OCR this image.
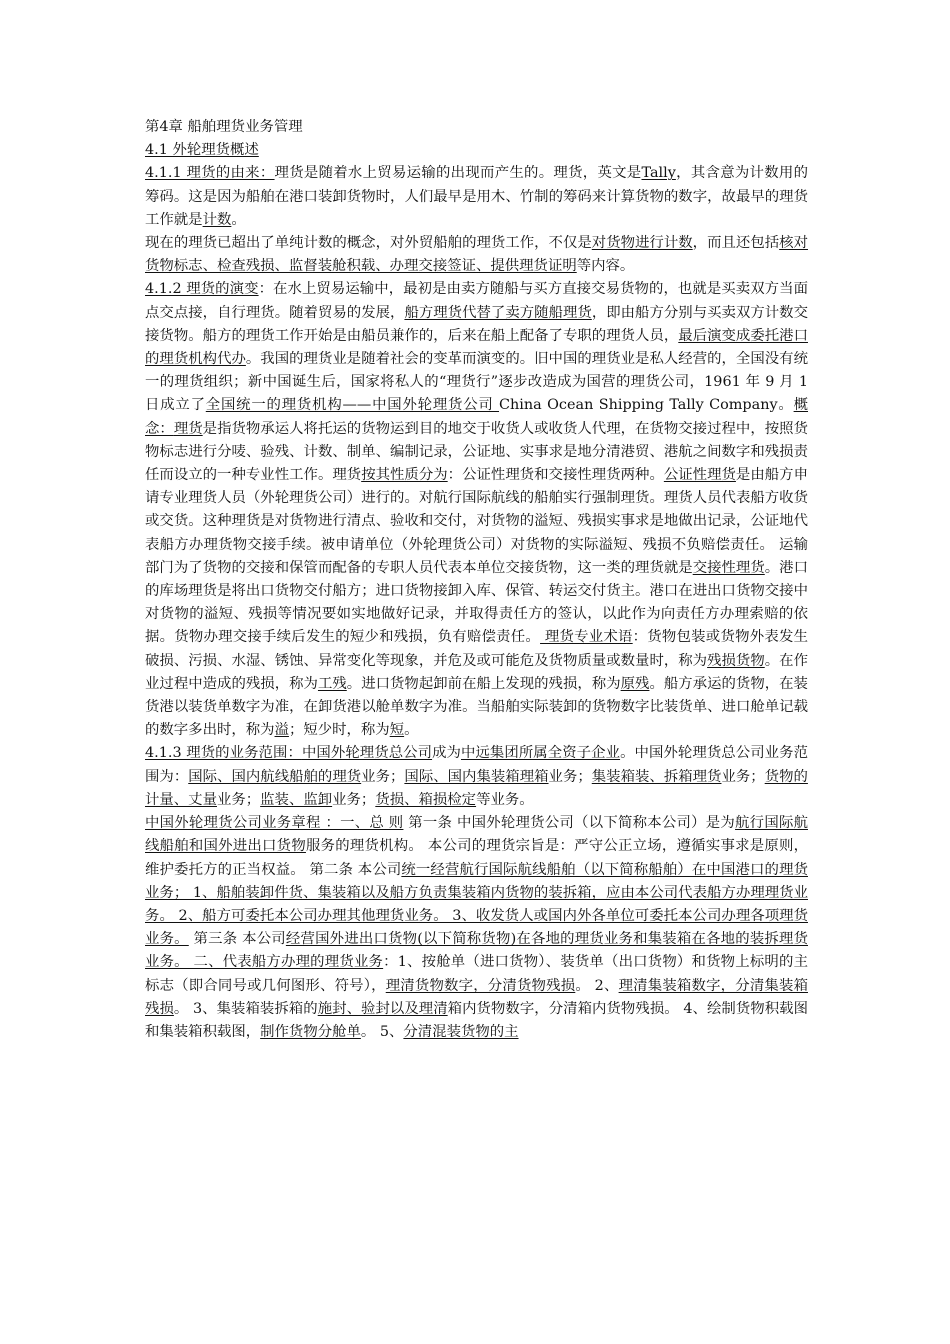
第4章 船舶理货业务管理

4.1 外轮理货概述

4.1.1 理货的由来：理货是随着水上贸易运输的出现而产生的。理货，英文是Tally，其含意为计数用的筹码。这是因为船舶在港口装卸货物时，人们最早是用木、竹制的筹码来计算货物的数字，故最早的理货工作就是计数。

现在的理货已超出了单纯计数的概念，对外贸船舶的理货工作，不仅是对货物进行计数，而且还包括核对货物标志、检查残损、监督装舱积载、办理交接签证、提供理货证明等内容。

4.1.2 理货的演变：在水上贸易运输中，最初是由卖方随船与买方直接交易货物的，也就是买卖双方当面点交点接，自行理货。随着贸易的发展，船方理货代替了卖方随船理货，即由船方分别与买卖双方计数交接货物。船方的理货工作开始是由船员兼作的，后来在船上配备了专职的理货人员，最后演变成委托港口的理货机构代办。我国的理货业是随着社会的变革而演变的。旧中国的理货业是私人经营的，全国没有统一的理货组织；新中国诞生后，国家将私人的“理货行”逐步改造成为国营的理货公司，1961 年 9 月 1 日成立了全国统一的理货机构——中国外轮理货公司 China Ocean Shipping Tally Company。概念：理货是指货物承运人将托运的货物运到目的地交于收货人或收货人代理，在货物交接过程中，按照货物标志进行分唛、验残、计数、制单、编制记录，公证地、实事求是地分清港贸、港航之间数字和残损责任而设立的一种专业性工作。理货按其性质分为：公证性理货和交接性理货两种。公证性理货是由船方申请专业理货人员（外轮理货公司）进行的。对航行国际航线的船舶实行强制理货。理货人员代表船方收货或交货。这种理货是对货物进行清点、验收和交付，对货物的溢短、残损实事求是地做出记录，公证地代表船方办理货物交接手续。被申请单位（外轮理货公司）对货物的实际溢短、残损不负赔偿责任。 运输部门为了货物的交接和保管而配备的专职人员代表本单位交接货物，这一类的理货就是交接性理货。港口的库场理货是将出口货物交付船方；进口货物接卸入库、保管、转运交付货主。港口在进出口货物交接中对货物的溢短、残损等情况要如实地做好记录，并取得责任方的签认，以此作为向责任方办理索赔的依据。货物办理交接手续后发生的短少和残损，负有赔偿责任。 理货专业术语：货物包装或货物外表发生破损、污损、水湿、锈蚀、异常变化等现象，并危及或可能危及货物质量或数量时，称为残损货物。在作业过程中造成的残损，称为工残。进口货物起卸前在船上发现的残损，称为原残。船方承运的货物，在装货港以装货单数字为准，在卸货港以舱单数字为准。当船舶实际装卸的货物数字比装货单、进口舱单记载的数字多出时，称为溢；短少时，称为短。

4.1.3 理货的业务范围：中国外轮理货总公司成为中远集团所属全资子企业。中国外轮理货总公司业务范围为：国际、国内航线船舶的理货业务；国际、国内集装箱理箱业务；集装箱装、拆箱理货业务；货物的计量、丈量业务；监装、监卸业务；货损、箱损检定等业务。

中国外轮理货公司业务章程 ：一、总 则 第一条 中国外轮理货公司（以下简称本公司）是为航行国际航线船舶和国外进出口货物服务的理货机构。 本公司的理货宗旨是：严守公正立场，遵循实事求是原则，维护委托方的正当权益。 第二条 本公司统一经营航行国际航线船舶（以下简称船舶）在中国港口的理货业务； 1、船舶装卸件货、集装箱以及船方负责集装箱内货物的装拆箱，应由本公司代表船方办理理货业务。 2、船方可委托本公司办理其他理货业务。 3、收发货人或国内外各单位可委托本公司办理各项理货业务。 第三条 本公司经营国外进出口货物(以下简称货物)在各地的理货业务和集装箱在各地的装拆理货业务。 二、代表船方办理的理货业务：1、按舱单（进口货物）、装货单（出口货物）和货物上标明的主标志（即合同号或几何图形、符号），理清货物数字，分清货物残损。 2、理清集装箱数字，分清集装箱残损。 3、集装箱装拆箱的施封、验封以及理清箱内货物数字，分清箱内货物残损。 4、绘制货物积载图和集装箱积载图，制作货物分舱单。 5、分清混装货物的主
